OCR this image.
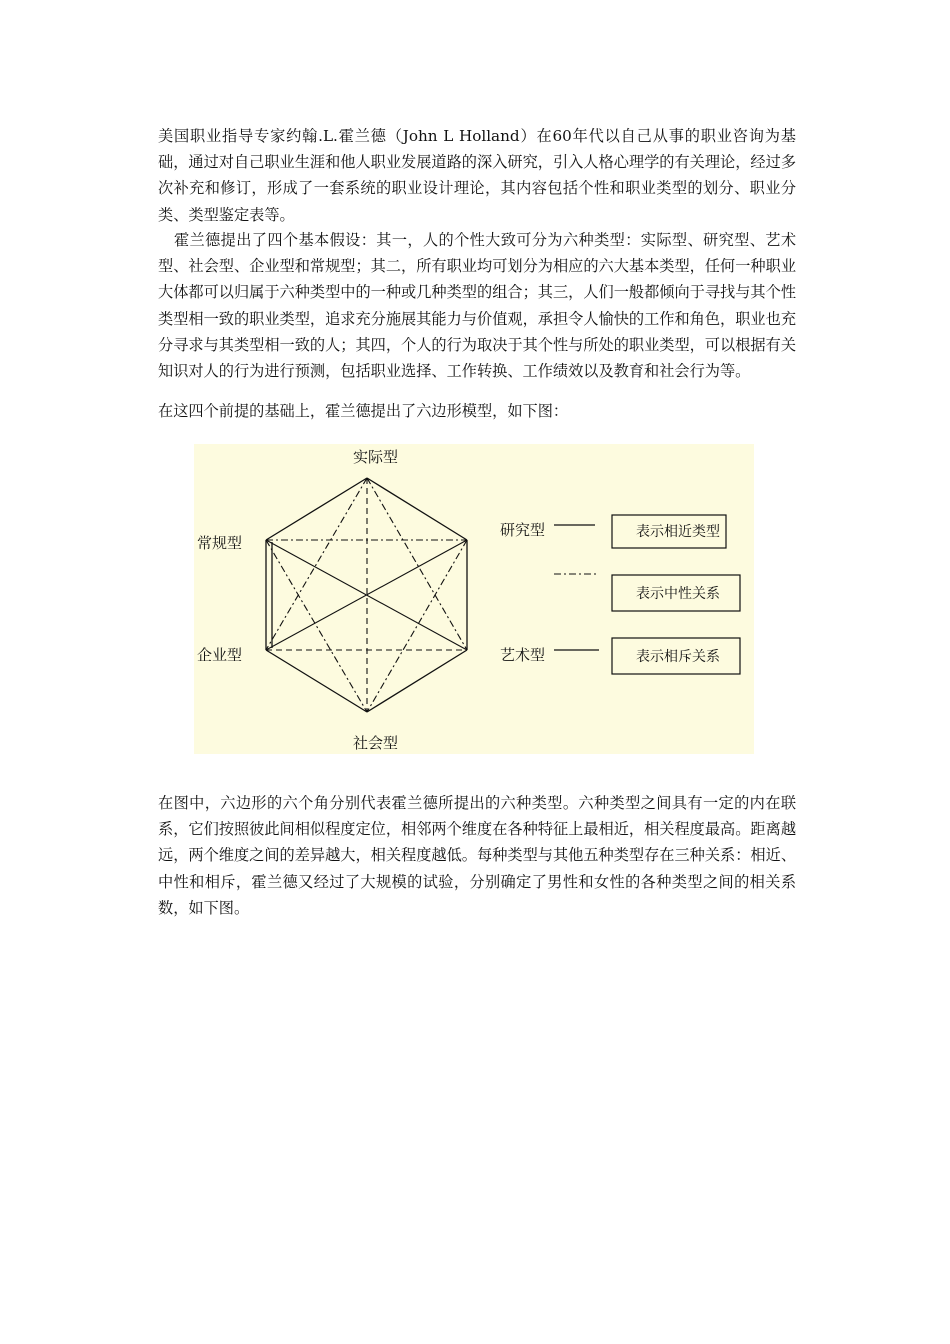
美国职业指导专家约翰.L.霍兰德（John L Holland）在60年代以自己从事的职业咨询为基础，通过对自己职业生涯和他人职业发展道路的深入研究，引入人格心理学的有关理论，经过多次补充和修订，形成了一套系统的职业设计理论，其内容包括个性和职业类型的划分、职业分类、类型鉴定表等。

霍兰德提出了四个基本假设：其一，人的个性大致可分为六种类型：实际型、研究型、艺术型、社会型、企业型和常规型；其二，所有职业均可划分为相应的六大基本类型，任何一种职业大体都可以归属于六种类型中的一种或几种类型的组合；其三，人们一般都倾向于寻找与其个性类型相一致的职业类型，追求充分施展其能力与价值观，承担令人愉快的工作和角色，职业也充分寻求与其类型相一致的人；其四，个人的行为取决于其个性与所处的职业类型，可以根据有关知识对人的行为进行预测，包括职业选择、工作转换、工作绩效以及教育和社会行为等。

在这四个前提的基础上，霍兰德提出了六边形模型，如下图：

实际型
常规型
企业型
社会型
研究型
艺术型
表示相近类型
表示中性关系
表示相斥关系

在图中，六边形的六个角分别代表霍兰德所提出的六种类型。六种类型之间具有一定的内在联系，它们按照彼此间相似程度定位，相邻两个维度在各种特征上最相近，相关程度最高。距离越远，两个维度之间的差异越大，相关程度越低。每种类型与其他五种类型存在三种关系：相近、中性和相斥，霍兰德又经过了大规模的试验，分别确定了男性和女性的各种类型之间的相关系数，如下图。
